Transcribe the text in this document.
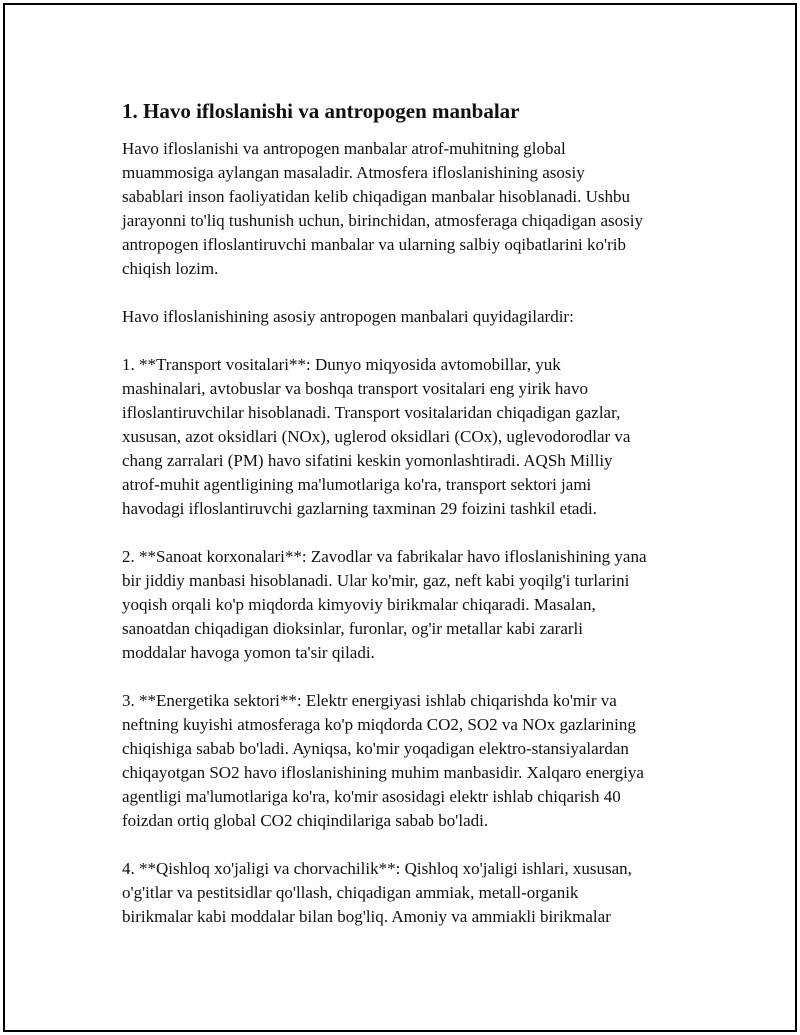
1. Havo ifloslanishi va antropogen manbalar

Havo ifloslanishi va antropogen manbalar atrof-muhitning global
muammosiga aylangan masaladir. Atmosfera ifloslanishining asosiy
sabablari inson faoliyatidan kelib chiqadigan manbalar hisoblanadi. Ushbu
jarayonni to'liq tushunish uchun, birinchidan, atmosferaga chiqadigan asosiy
antropogen ifloslantiruvchi manbalar va ularning salbiy oqibatlarini ko'rib
chiqish lozim.

Havo ifloslanishining asosiy antropogen manbalari quyidagilardir:

1. **Transport vositalari**: Dunyo miqyosida avtomobillar, yuk
mashinalari, avtobuslar va boshqa transport vositalari eng yirik havo
ifloslantiruvchilar hisoblanadi. Transport vositalaridan chiqadigan gazlar,
xususan, azot oksidlari (NOx), uglerod oksidlari (COx), uglevodorodlar va
chang zarralari (PM) havo sifatini keskin yomonlashtiradi. AQSh Milliy
atrof-muhit agentligining ma'lumotlariga ko'ra, transport sektori jami
havodagi ifloslantiruvchi gazlarning taxminan 29 foizini tashkil etadi.

2. **Sanoat korxonalari**: Zavodlar va fabrikalar havo ifloslanishining yana
bir jiddiy manbasi hisoblanadi. Ular ko'mir, gaz, neft kabi yoqilg'i turlarini
yoqish orqali ko'p miqdorda kimyoviy birikmalar chiqaradi. Masalan,
sanoatdan chiqadigan dioksinlar, furonlar, og'ir metallar kabi zararli
moddalar havoga yomon ta'sir qiladi.

3. **Energetika sektori**: Elektr energiyasi ishlab chiqarishda ko'mir va
neftning kuyishi atmosferaga ko'p miqdorda CO2, SO2 va NOx gazlarining
chiqishiga sabab bo'ladi. Ayniqsa, ko'mir yoqadigan elektro-stansiyalardan
chiqayotgan SO2 havo ifloslanishining muhim manbasidir. Xalqaro energiya
agentligi ma'lumotlariga ko'ra, ko'mir asosidagi elektr ishlab chiqarish 40
foizdan ortiq global CO2 chiqindilariga sabab bo'ladi.

4. **Qishloq xo'jaligi va chorvachilik**: Qishloq xo'jaligi ishlari, xususan,
o'g'itlar va pestitsidlar qo'llash, chiqadigan ammiak, metall-organik
birikmalar kabi moddalar bilan bog'liq. Amoniy va ammiakli birikmalar
